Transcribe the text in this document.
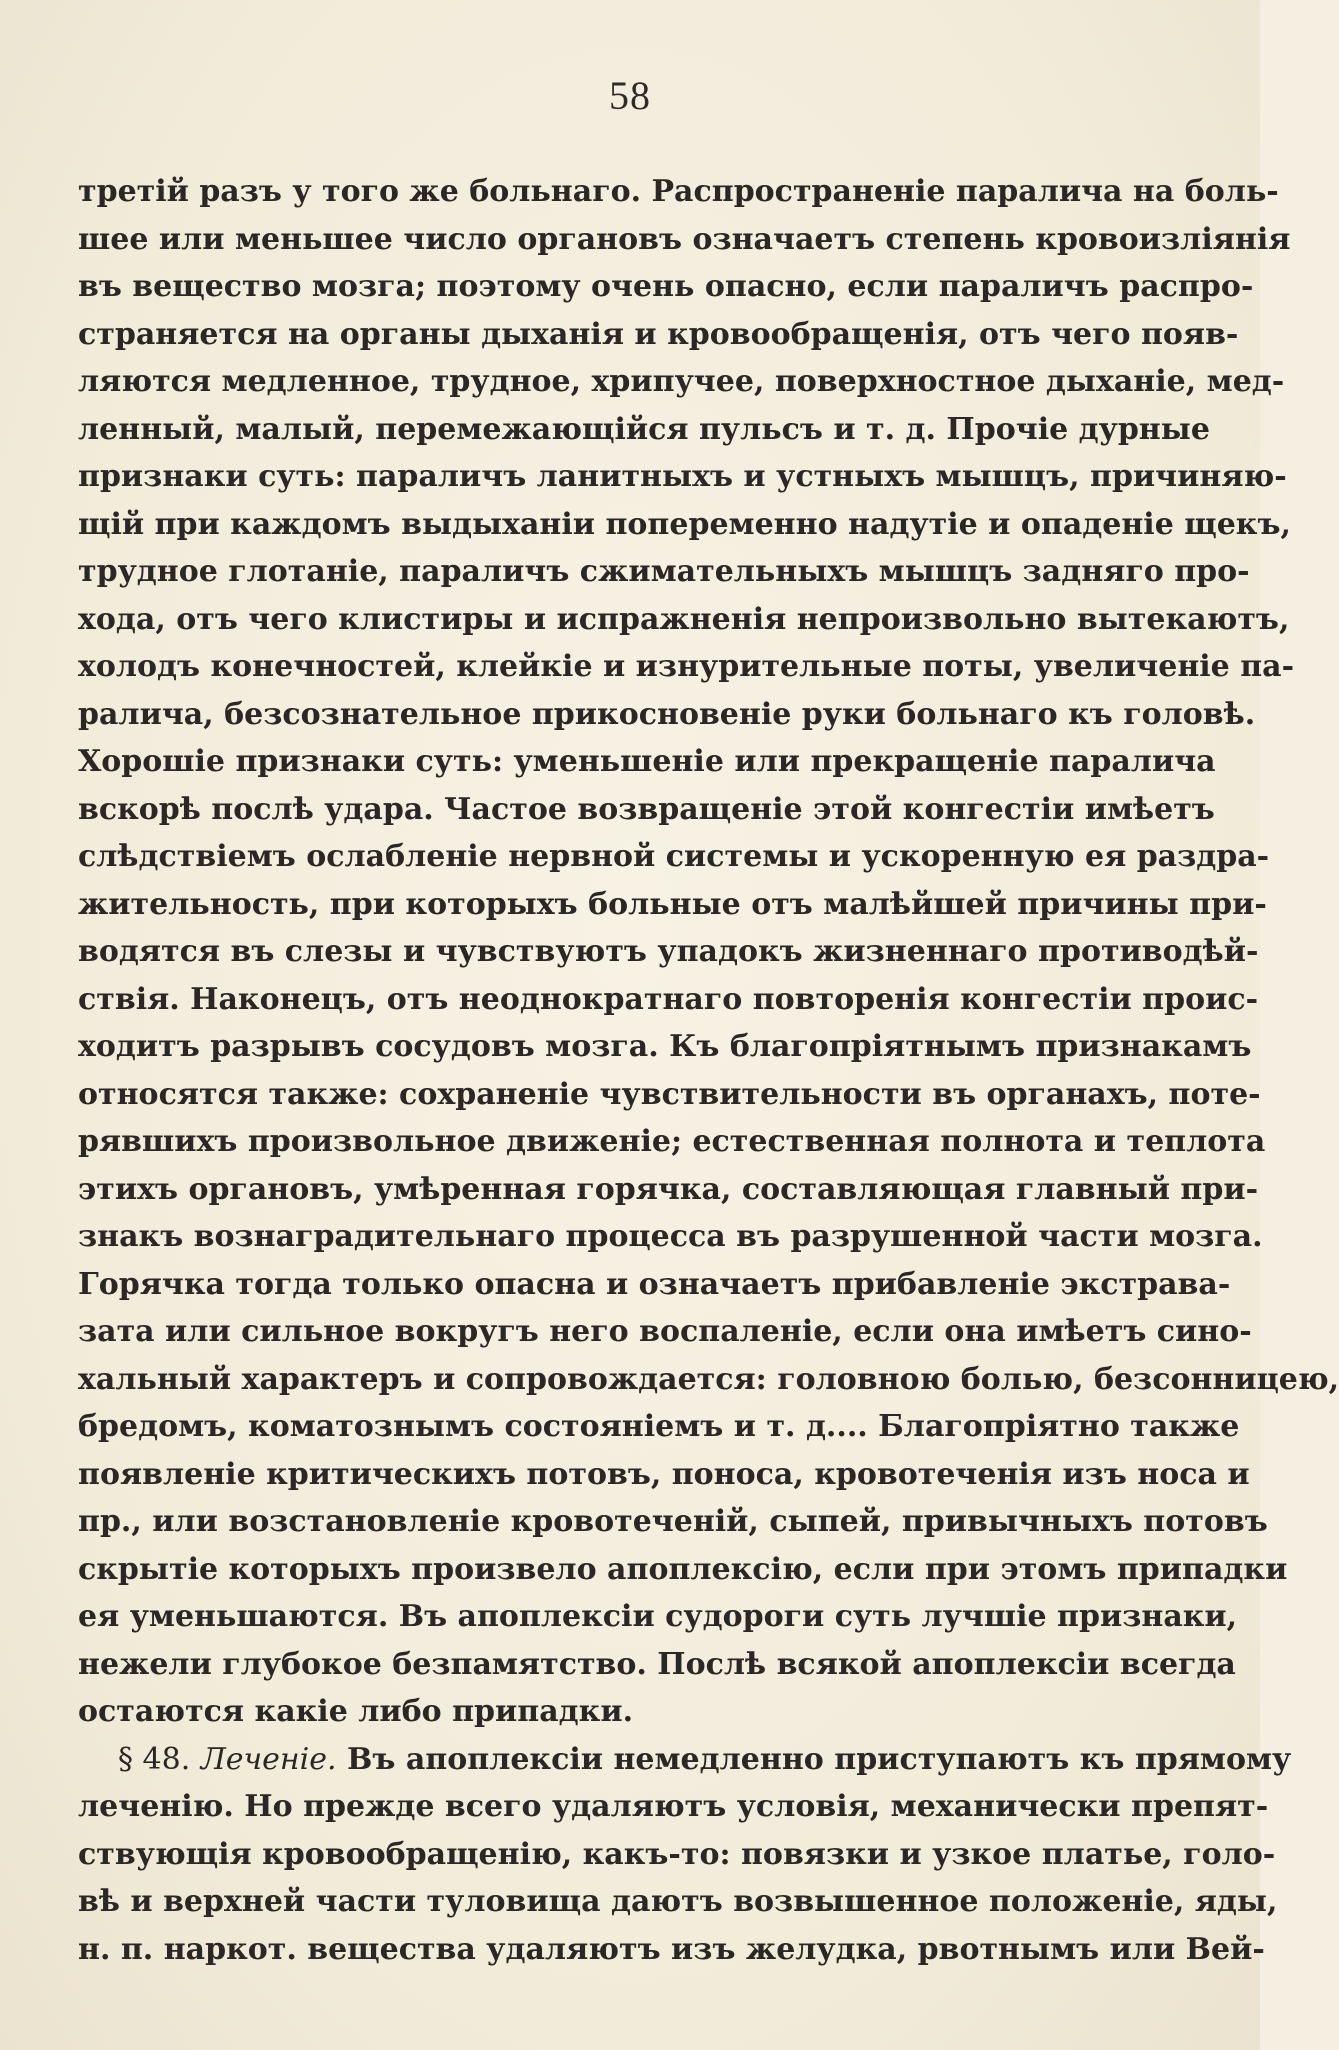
58
третій разъ у того же больнаго. Распространеніе паралича на боль-
шее или меньшее число органовъ означаетъ степень кровоизліянія
въ вещество мозга; поэтому очень опасно, если параличъ распро-
страняется на органы дыханія и кровообращенія, отъ чего появ-
ляются медленное, трудное, хрипучее, поверхностное дыханіе, мед-
ленный, малый, перемежающійся пульсъ и т. д. Прочіе дурные
признаки суть: параличъ ланитныхъ и устныхъ мышцъ, причиняю-
щій при каждомъ выдыханіи попеременно надутіе и опаденіе щекъ,
трудное глотаніе, параличъ сжимательныхъ мышцъ задняго про-
хода, отъ чего клистиры и испражненія непроизвольно вытекаютъ,
холодъ конечностей, клейкіе и изнурительные поты, увеличеніе па-
ралича, безсознательное прикосновеніе руки больнаго къ головѣ.
Хорошіе признаки суть: уменьшеніе или прекращеніе паралича
вскорѣ послѣ удара. Частое возвращеніе этой конгестіи имѣетъ
слѣдствіемъ ослабленіе нервной системы и ускоренную ея раздра-
жительность, при которыхъ больные отъ малѣйшей причины при-
водятся въ слезы и чувствуютъ упадокъ жизненнаго противодѣй-
ствія. Наконецъ, отъ неоднократнаго повторенія конгестіи проис-
ходитъ разрывъ сосудовъ мозга. Къ благопріятнымъ признакамъ
относятся также: сохраненіе чувствительности въ органахъ, поте-
рявшихъ произвольное движеніе; естественная полнота и теплота
этихъ органовъ, умѣренная горячка, составляющая главный при-
знакъ вознаградительнаго процесса въ разрушенной части мозга.
Горячка тогда только опасна и означаетъ прибавленіе экстрава-
зата или сильное вокругъ него воспаленіе, если она имѣетъ сино-
хальный характеръ и сопровождается: головною болью, безсонницею,
бредомъ, коматознымъ состояніемъ и т. д.... Благопріятно также
появленіе критическихъ потовъ, поноса, кровотеченія изъ носа и
пр., или возстановленіе кровотеченій, сыпей, привычныхъ потовъ
скрытіе которыхъ произвело апоплексію, если при этомъ припадки
ея уменьшаются. Въ апоплексіи судороги суть лучшіе признаки,
нежели глубокое безпамятство. Послѣ всякой апоплексіи всегда
остаются какіе либо припадки.
§ 48. Леченіе. Въ апоплексіи немедленно приступаютъ къ прямому
леченію. Но прежде всего удаляютъ условія, механически препят-
ствующія кровообращенію, какъ-то: повязки и узкое платье, голо-
вѣ и верхней части туловища даютъ возвышенное положеніе, яды,
н. п. наркот. вещества удаляютъ изъ желудка, рвотнымъ или Вей-
